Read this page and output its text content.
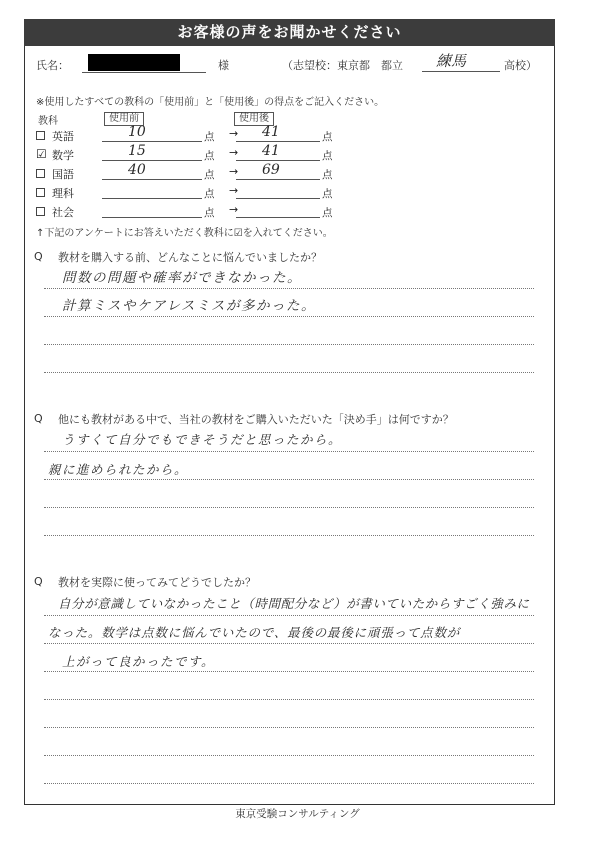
お客様の声をお聞かせください
氏名：	様	（志望校：東京都　都立 練馬	高校）
※使用したすべての教科の「使用前」と「使用後」の得点をご記入ください。
教科	使用前	使用後
英語	10	点 → 41	点
☑ 数学	15	点 → 41	点
国語	40	点 → 69	点
理科	点 →	点
社会	点 →	点
↑下記のアンケートにお答えいただく教科に☑を入れてください。
Q 教材を購入する前、どんなことに悩んでいましたか？
問数の問題や確率ができなかった。
計算ミスやケアレスミスが多かった。
Q 他にも教材がある中で、当社の教材をご購入いただいた「決め手」は何ですか？
うすくて自分でもできそうだと思ったから。
親に進められたから。
Q 教材を実際に使ってみてどうでしたか？
自分が意識していなかったこと（時間配分など）が書いていたからすごく強みに
なった。数学は点数に悩んでいたので、最後の最後に頑張って点数が
上がって良かったです。
東京受験コンサルティング
